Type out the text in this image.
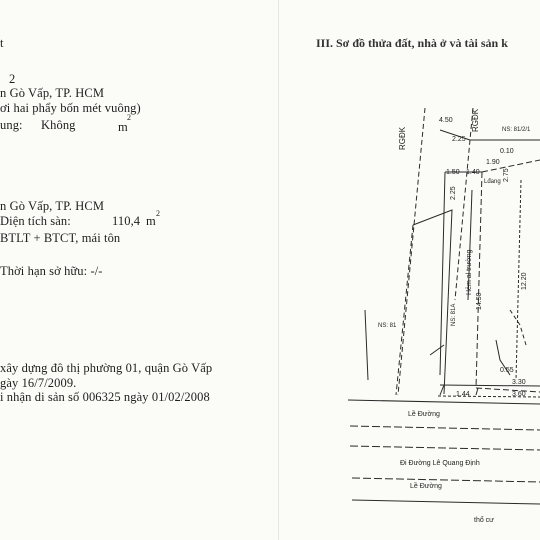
t
2
n Gò Vấp, TP. HCM
ơi hai phẩy bốn mét vuông)
ung: Không	m
2
n Gò Vấp, TP. HCM
Diện tích sàn:	110,4 m
2
BTLT + BTCT, mái tôn
Thời hạn sở hữu: -/-
xây dựng đô thị phường 01, quận Gò Vấp
gày 16/7/2009.
i nhận di sản số 006325 ngày 01/02/2008
III. Sơ đồ thửa đất, nhà ở và tài sản k
RGĐK
RGĐK	NS: 81/2/1
NS: 81A
NS: 81
Hẻm al trường
Lđang
Lề Đường
Đi Đường Lê Quang Định
Lề Đường
thổ cư
4.50
2.25
0.10
1.90
1.50 1.40	2.75
2.25
14.50
12.20
0.55
1.44
3.30
3.60
